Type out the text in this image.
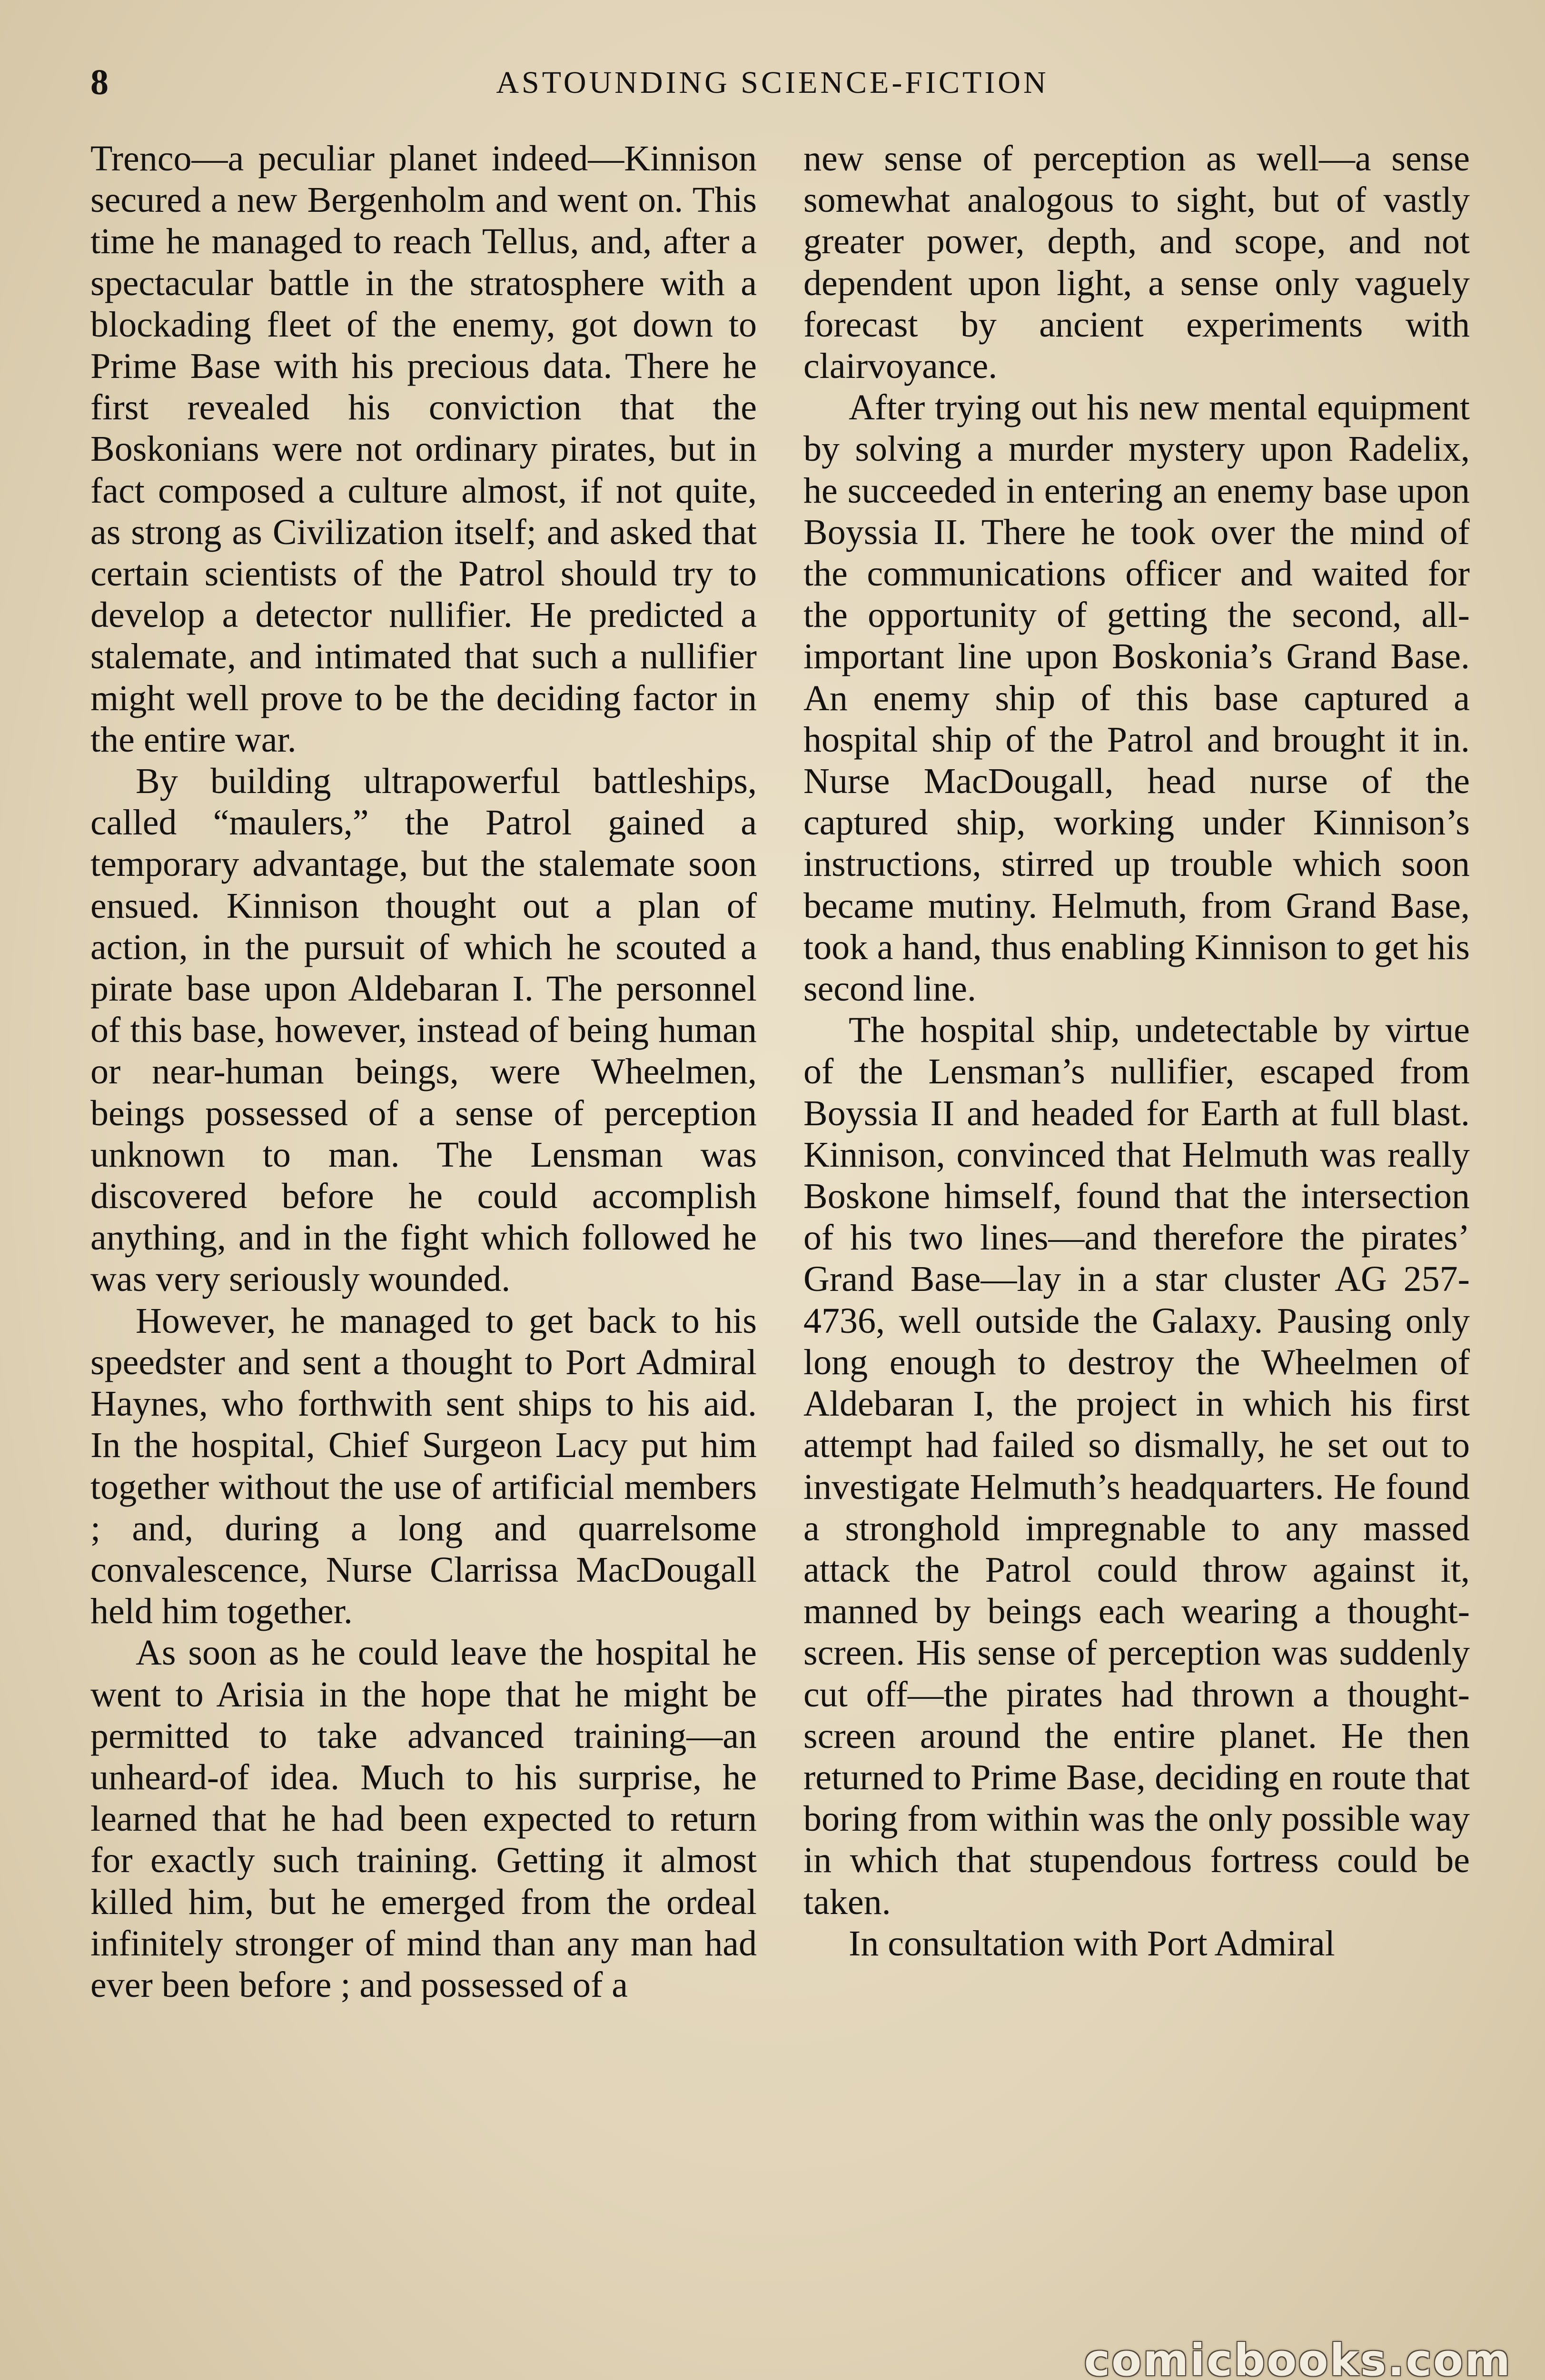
8	ASTOUNDING SCIENCE-FICTION

Trenco—a peculiar planet indeed—Kinnison secured a new Bergenholm and went on. This time he managed to reach Tellus, and, after a spectacular battle in the stratosphere with a blockading fleet of the enemy, got down to Prime Base with his precious data. There he first revealed his conviction that the Boskonians were not ordinary pirates, but in fact composed a culture almost, if not quite, as strong as Civilization itself; and asked that certain scientists of the Patrol should try to develop a detector nullifier. He predicted a stalemate, and intimated that such a nullifier might well prove to be the deciding factor in the entire war.

By building ultrapowerful battleships, called “maulers,” the Patrol gained a temporary advantage, but the stalemate soon ensued. Kinnison thought out a plan of action, in the pursuit of which he scouted a pirate base upon Aldebaran I. The personnel of this base, however, instead of being human or near-human beings, were Wheelmen, beings possessed of a sense of perception unknown to man. The Lensman was discovered before he could accomplish anything, and in the fight which followed he was very seriously wounded.

However, he managed to get back to his speedster and sent a thought to Port Admiral Haynes, who forthwith sent ships to his aid. In the hospital, Chief Surgeon Lacy put him together without the use of artificial members ; and, during a long and quarrelsome convalescence, Nurse Clarrissa MacDougall held him together.

As soon as he could leave the hospital he went to Arisia in the hope that he might be permitted to take advanced training—an unheard-of idea. Much to his surprise, he learned that he had been expected to return for exactly such training. Getting it almost killed him, but he emerged from the ordeal infinitely stronger of mind than any man had ever been before ; and possessed of a

new sense of perception as well—a sense somewhat analogous to sight, but of vastly greater power, depth, and scope, and not dependent upon light, a sense only vaguely forecast by ancient experiments with clairvoyance.

After trying out his new mental equipment by solving a murder mystery upon Radelix, he succeeded in entering an enemy base upon Boyssia II. There he took over the mind of the communications officer and waited for the opportunity of getting the second, all-important line upon Boskonia’s Grand Base. An enemy ship of this base captured a hospital ship of the Patrol and brought it in. Nurse MacDougall, head nurse of the captured ship, working under Kinnison’s instructions, stirred up trouble which soon became mutiny. Helmuth, from Grand Base, took a hand, thus enabling Kinnison to get his second line.

The hospital ship, undetectable by virtue of the Lensman’s nullifier, escaped from Boyssia II and headed for Earth at full blast. Kinnison, convinced that Helmuth was really Boskone himself, found that the intersection of his two lines—and therefore the pirates’ Grand Base—lay in a star cluster AG 257-4736, well outside the Galaxy. Pausing only long enough to destroy the Wheelmen of Aldebaran I, the project in which his first attempt had failed so dismally, he set out to investigate Helmuth’s headquarters. He found a stronghold impregnable to any massed attack the Patrol could throw against it, manned by beings each wearing a thought-screen. His sense of perception was suddenly cut off—the pirates had thrown a thought-screen around the entire planet. He then returned to Prime Base, deciding en route that boring from within was the only possible way in which that stupendous fortress could be taken.

In consultation with Port Admiral

comicbooks.com
